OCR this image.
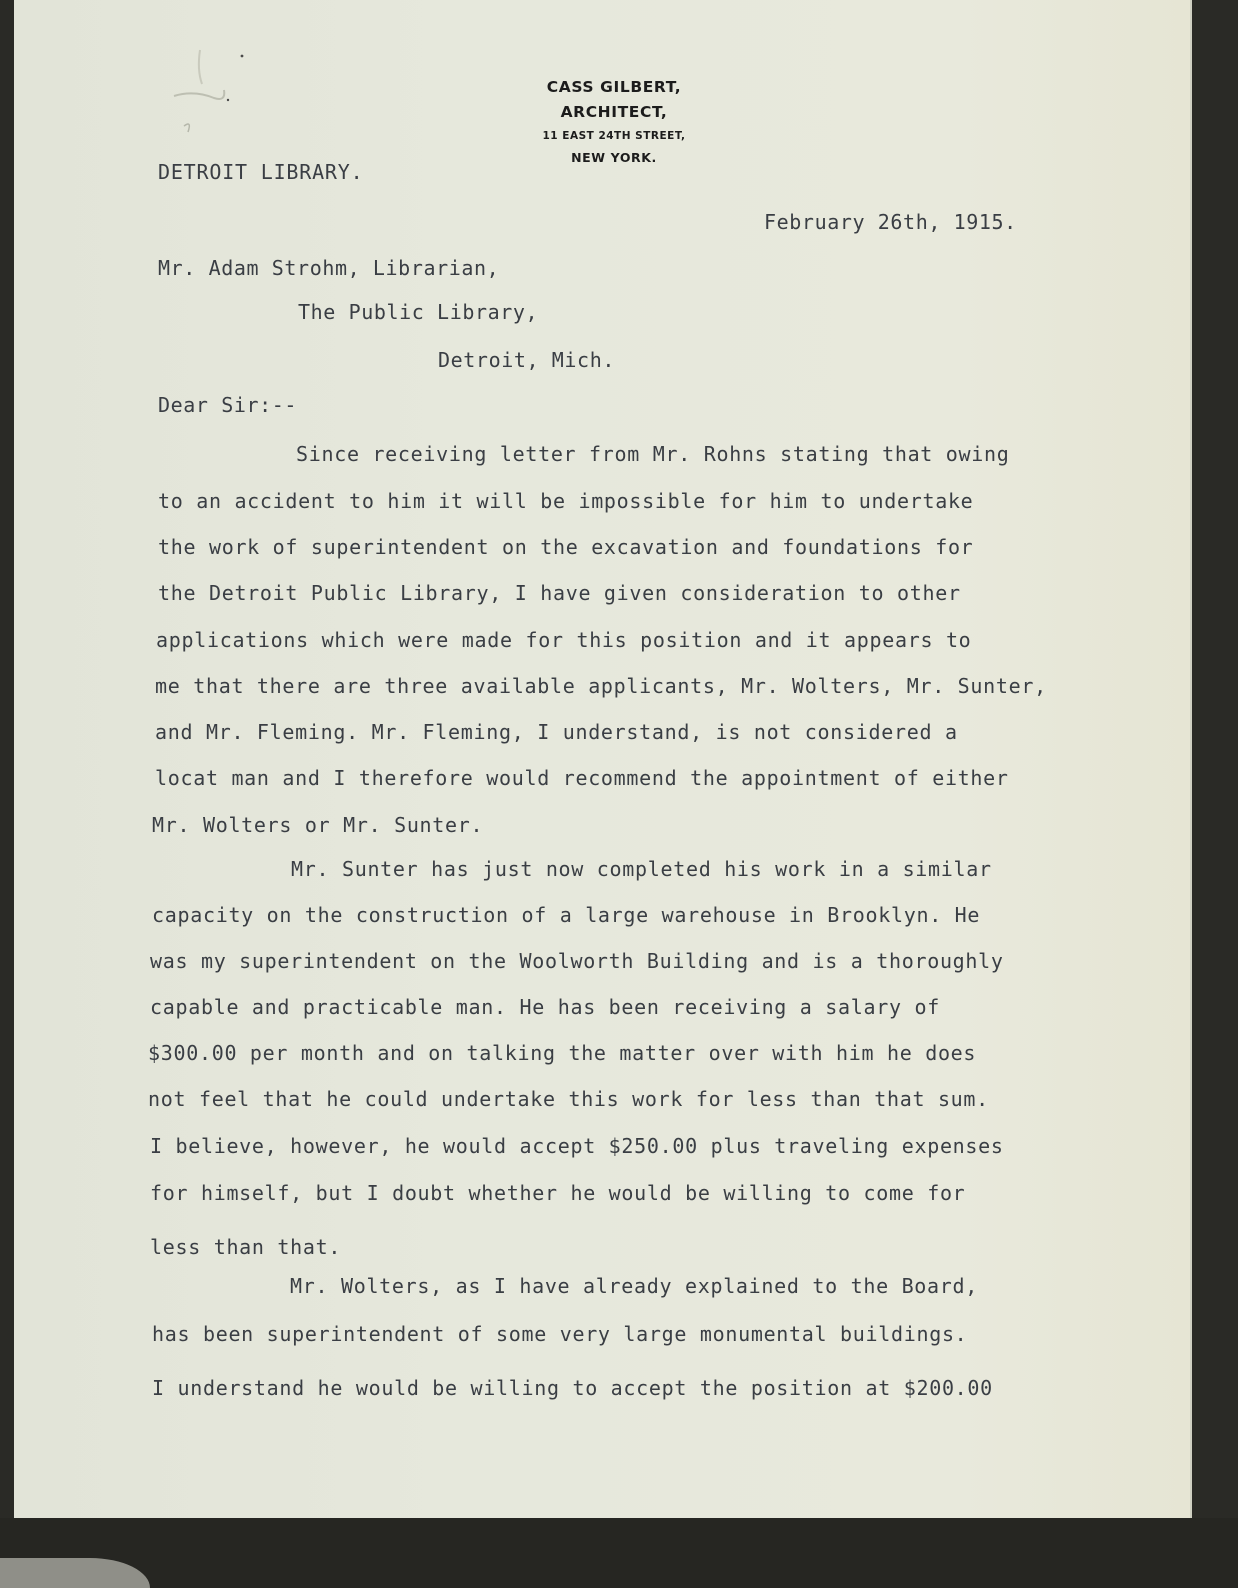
CASS GILBERT,
ARCHITECT,
11 EAST 24TH STREET,
NEW YORK.
DETROIT LIBRARY.
February 26th, 1915.
Mr. Adam Strohm, Librarian,
The Public Library,
Detroit, Mich.
Dear Sir:--
Since receiving letter from Mr. Rohns stating that owing
to an accident to him it will be impossible for him to undertake
the work of superintendent on the excavation and foundations for
the Detroit Public Library, I have given consideration to other
applications which were made for this position and it appears to
me that there are three available applicants, Mr. Wolters, Mr. Sunter,
and Mr. Fleming. Mr. Fleming, I understand, is not considered a
locat man and I therefore would recommend the appointment of either
Mr. Wolters or Mr. Sunter.
Mr. Sunter has just now completed his work in a similar
capacity on the construction of a large warehouse in Brooklyn. He
was my superintendent on the Woolworth Building and is a thoroughly
capable and practicable man. He has been receiving a salary of
$300.00 per month and on talking the matter over with him he does
not feel that he could undertake this work for less than that sum.
I believe, however, he would accept $250.00 plus traveling expenses
for himself, but I doubt whether he would be willing to come for
less than that.
Mr. Wolters, as I have already explained to the Board,
has been superintendent of some very large monumental buildings.
I understand he would be willing to accept the position at $200.00
